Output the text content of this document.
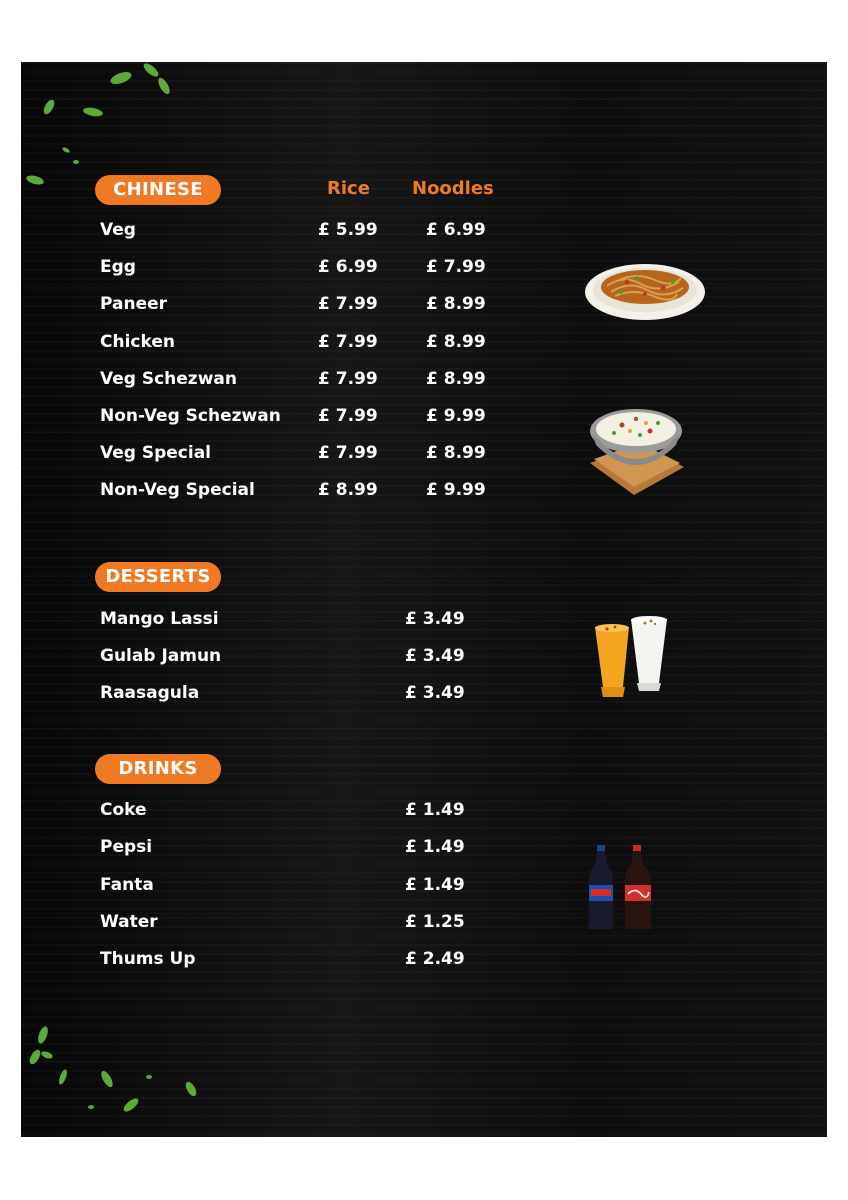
CHINESE	Rice Noodles
Veg	£ 5.99	£ 6.99
Egg	£ 6.99	£ 7.99
Paneer	£ 7.99	£ 8.99
Chicken	£ 7.99	£ 8.99
Veg Schezwan	£ 7.99	£ 8.99
Non-Veg Schezwan £ 7.99	£ 9.99
Veg Special	£ 7.99	£ 8.99
Non-Veg Special	£ 8.99	£ 9.99
DESSERTS
Mango Lassi	£ 3.49
Gulab Jamun	£ 3.49
Raasagula	£ 3.49
DRINKS
Coke	£ 1.49
Pepsi	£ 1.49
Fanta	£ 1.49
Water	£ 1.25
Thums Up	£ 2.49
